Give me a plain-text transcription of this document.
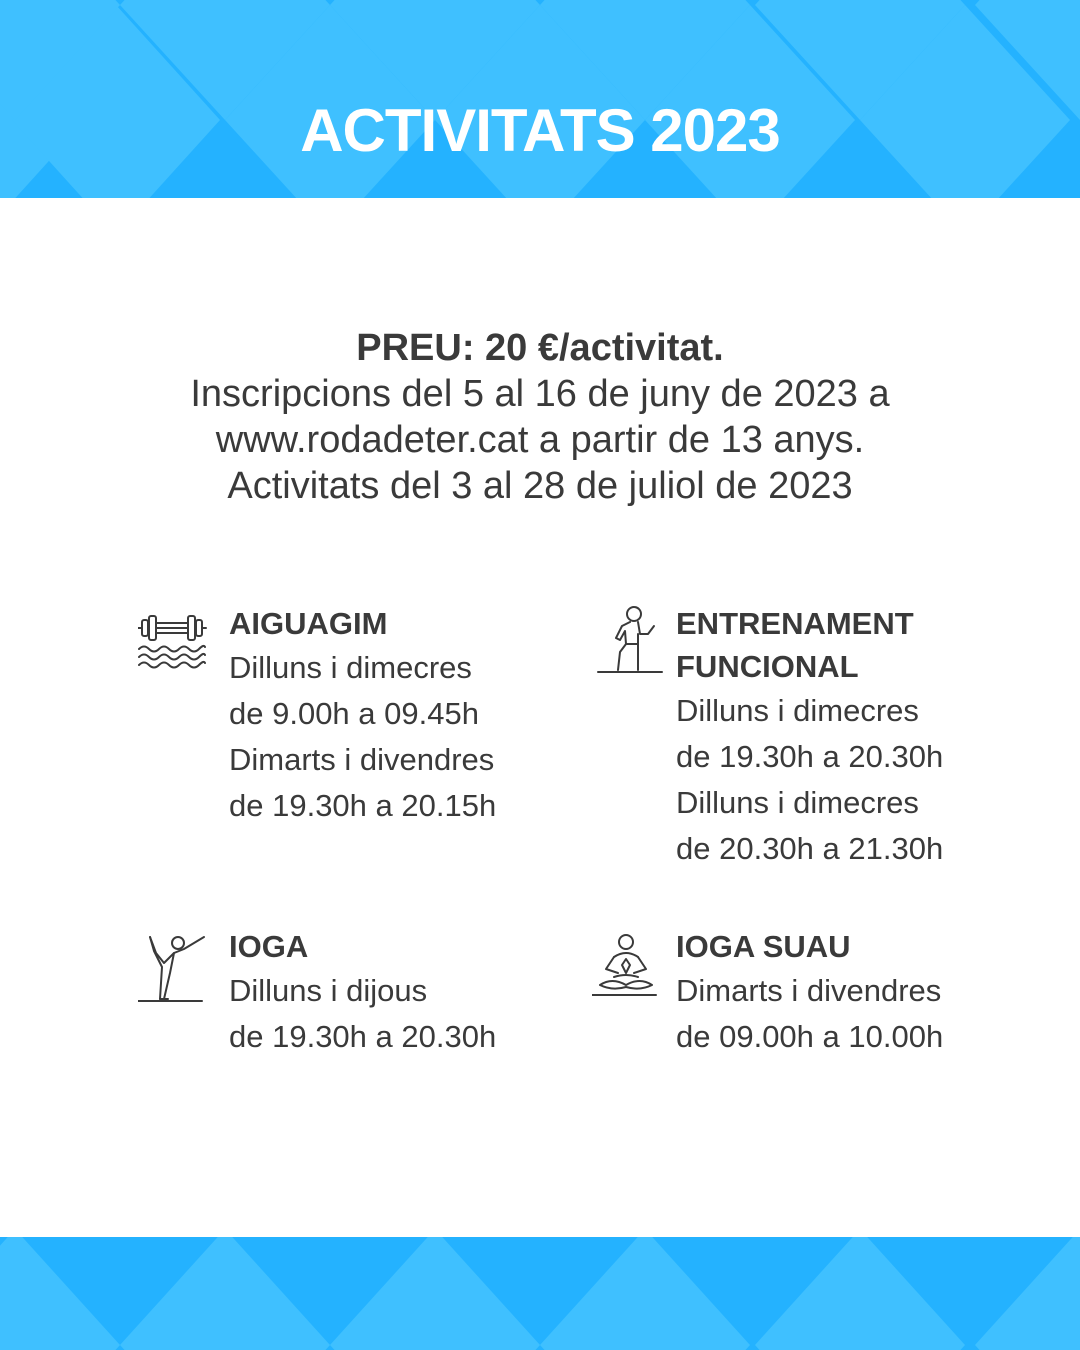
ACTIVITATS 2023
PREU: 20 €/activitat.
Inscripcions del 5 al 16 de juny de 2023 a
www.rodadeter.cat a partir de 13 anys.
Activitats del 3 al 28 de juliol de 2023
AIGUAGIM
Dilluns i dimecres
de 9.00h a 09.45h
Dimarts i divendres
de 19.30h a 20.15h
ENTRENAMENT
FUNCIONAL
Dilluns i dimecres
de 19.30h a 20.30h
Dilluns i dimecres
de 20.30h a 21.30h
IOGA
Dilluns i dijous
de 19.30h a 20.30h
IOGA SUAU
Dimarts i divendres
de 09.00h a 10.00h
